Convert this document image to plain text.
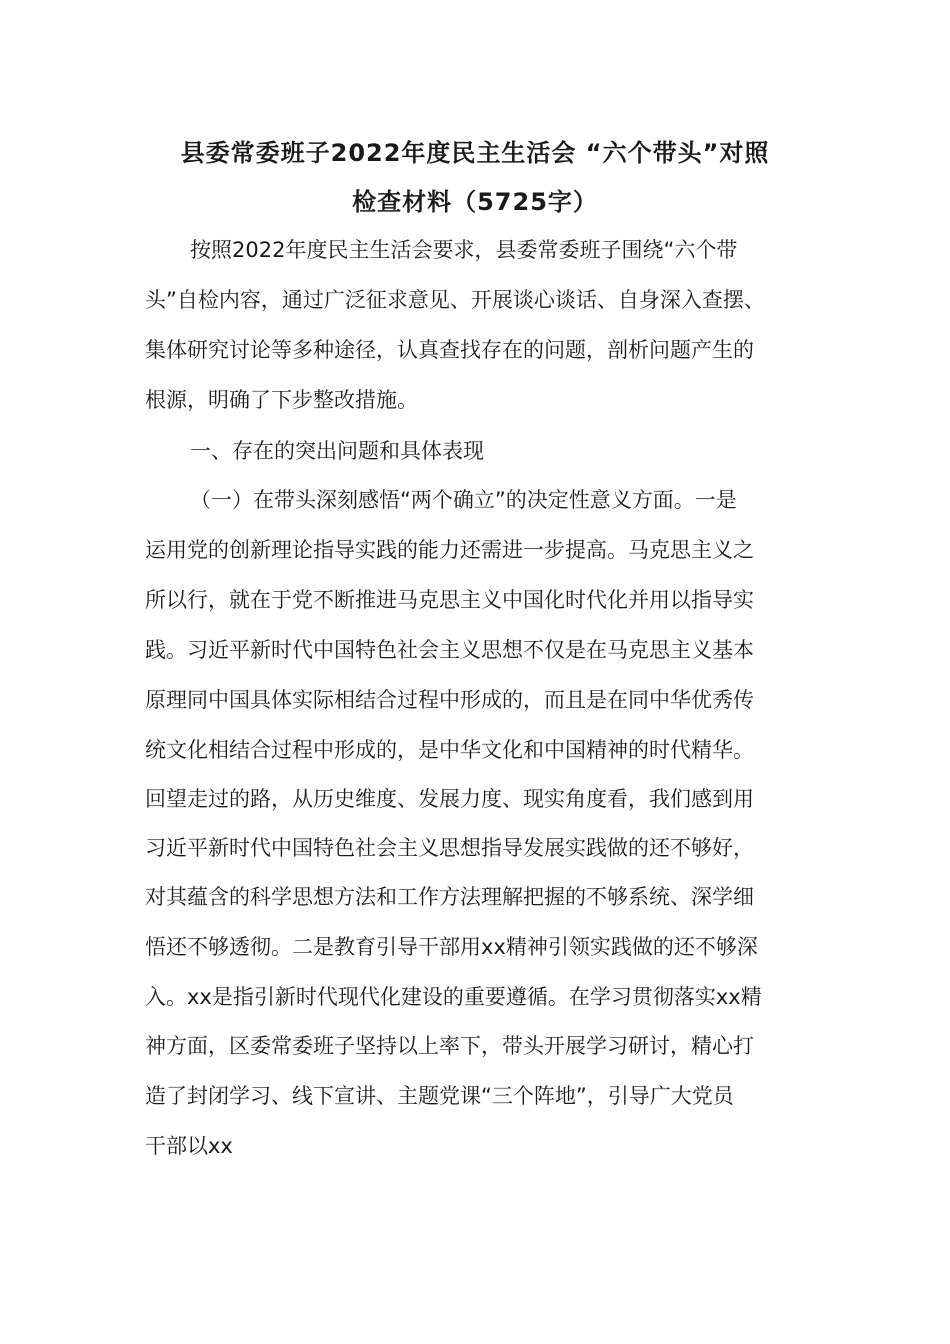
县委常委班子2022年度民主生活会 “六个带头”对照
检查材料（5725字）
按照2022年度民主生活会要求，县委常委班子围绕“六个带
头”自检内容，通过广泛征求意见、开展谈心谈话、自身深入查摆、
集体研究讨论等多种途径，认真查找存在的问题，剖析问题产生的
根源，明确了下步整改措施。
一、存在的突出问题和具体表现
（一）在带头深刻感悟“两个确立”的决定性意义方面。一是
运用党的创新理论指导实践的能力还需进一步提高。马克思主义之
所以行，就在于党不断推进马克思主义中国化时代化并用以指导实
践。习近平新时代中国特色社会主义思想不仅是在马克思主义基本
原理同中国具体实际相结合过程中形成的，而且是在同中华优秀传
统文化相结合过程中形成的，是中华文化和中国精神的时代精华。
回望走过的路，从历史维度、发展力度、现实角度看，我们感到用
习近平新时代中国特色社会主义思想指导发展实践做的还不够好，
对其蕴含的科学思想方法和工作方法理解把握的不够系统、深学细
悟还不够透彻。二是教育引导干部用xx精神引领实践做的还不够深
入。xx是指引新时代现代化建设的重要遵循。在学习贯彻落实xx精
神方面，区委常委班子坚持以上率下，带头开展学习研讨，精心打
造了封闭学习、线下宣讲、主题党课“三个阵地”，引导广大党员
干部以xx
